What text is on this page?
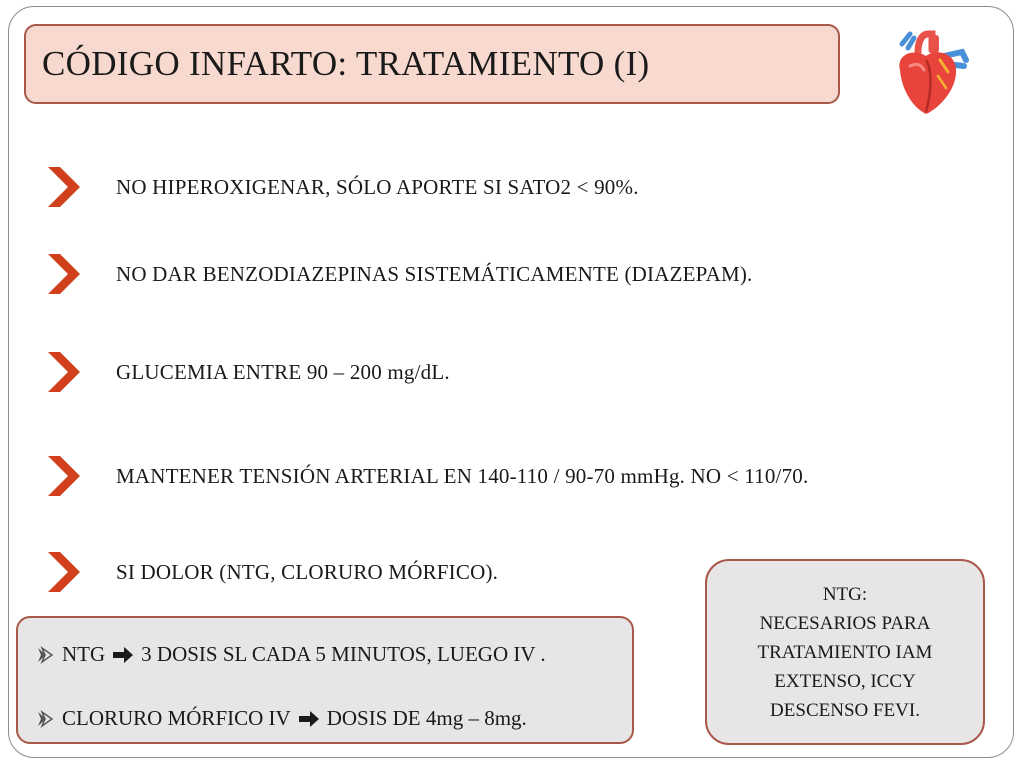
CÓDIGO INFARTO: TRATAMIENTO (I)
NO HIPEROXIGENAR, SÓLO APORTE SI SATO2 < 90%.
NO DAR BENZODIAZEPINAS SISTEMÁTICAMENTE (DIAZEPAM).
GLUCEMIA ENTRE 90 – 200 mg/dL.
MANTENER TENSIÓN ARTERIAL EN 140-110 / 90-70 mmHg. NO < 110/70.
SI DOLOR (NTG, CLORURO MÓRFICO).
NTG 3 DOSIS SL CADA 5 MINUTOS, LUEGO IV .
CLORURO MÓRFICO IV DOSIS DE 4mg – 8mg.
NTG:
NECESARIOS PARA
TRATAMIENTO IAM
EXTENSO, ICCY
DESCENSO FEVI.
